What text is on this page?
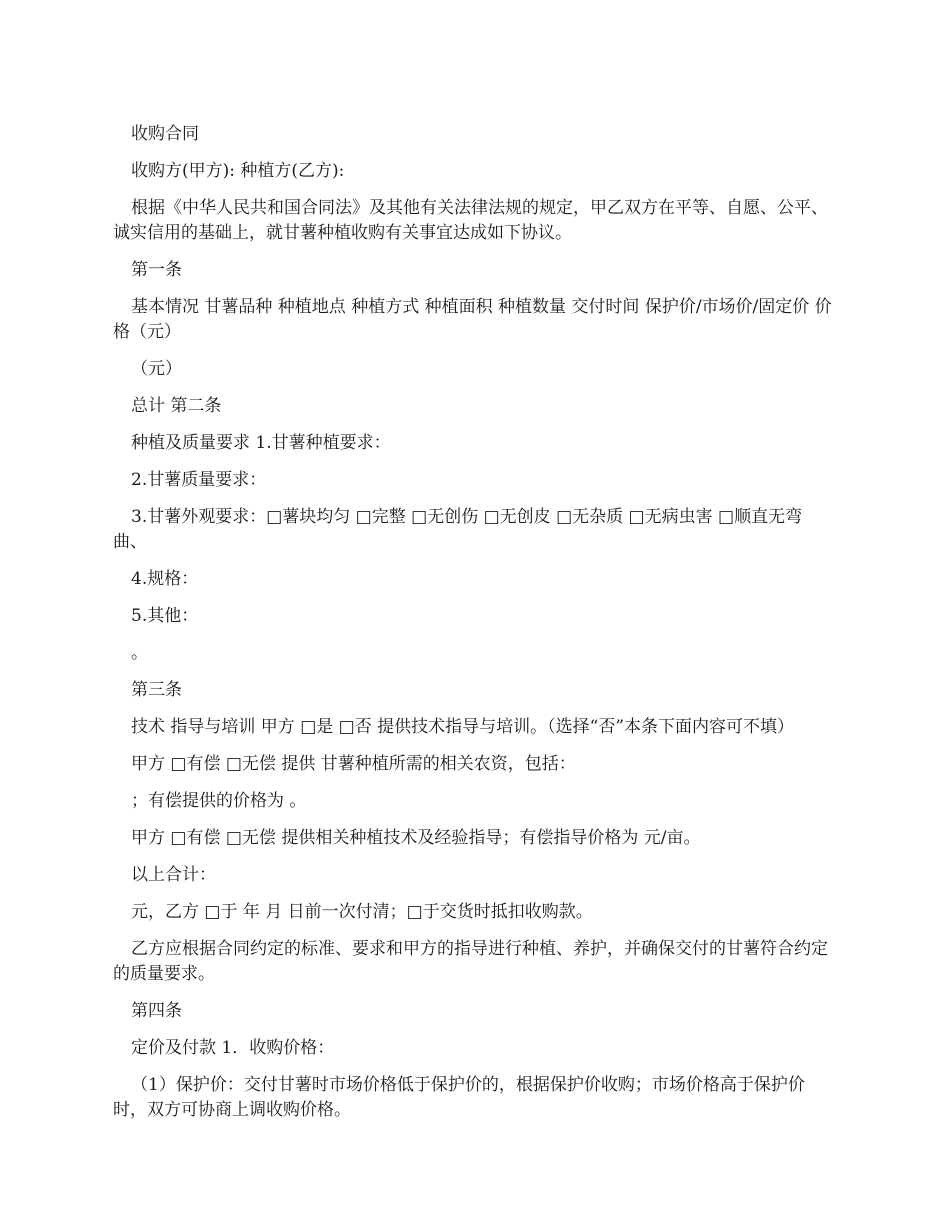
收购合同

收购方(甲方): 种植方(乙方):

根据《中华人民共和国合同法》及其他有关法律法规的规定，甲乙双方在平等、自愿、公平、诚实信用的基础上，就甘薯种植收购有关事宜达成如下协议。

第一条

基本情况 甘薯品种 种植地点 种植方式 种植面积 种植数量 交付时间 保护价/市场价/固定价 价格（元）

（元）

总计 第二条

种植及质量要求 1.甘薯种植要求：

2.甘薯质量要求：

3.甘薯外观要求：□薯块均匀 □完整 □无创伤 □无创皮 □无杂质 □无病虫害 □顺直无弯曲、

4.规格：

5.其他：

。

第三条

技术 指导与培训 甲方 □是 □否 提供技术指导与培训。（选择“否”本条下面内容可不填）

甲方 □有偿 □无偿 提供 甘薯种植所需的相关农资，包括：

；有偿提供的价格为 。

甲方 □有偿 □无偿 提供相关种植技术及经验指导；有偿指导价格为 元/亩。

以上合计：

元，乙方 □于 年 月 日前一次付清；□于交货时抵扣收购款。

乙方应根据合同约定的标准、要求和甲方的指导进行种植、养护，并确保交付的甘薯符合约定的质量要求。

第四条

定价及付款 1．收购价格：

（1）保护价：交付甘薯时市场价格低于保护价的，根据保护价收购；市场价格高于保护价时，双方可协商上调收购价格。
